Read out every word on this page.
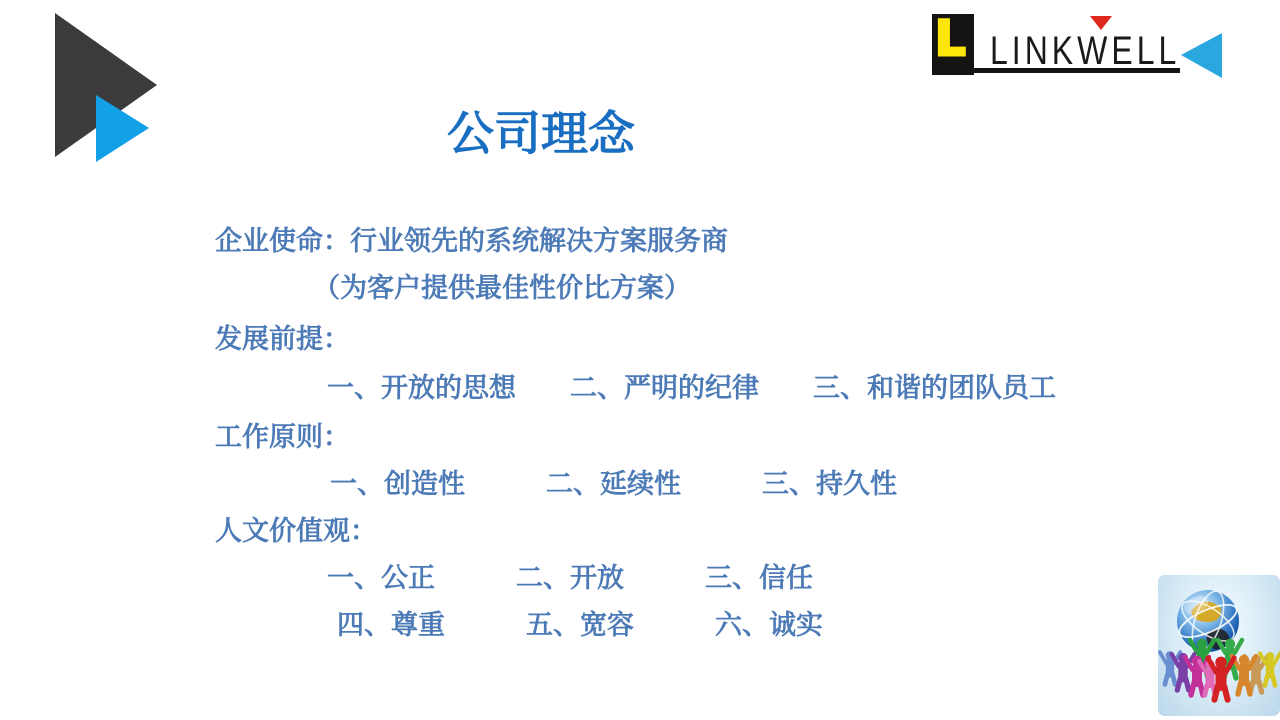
L LINKWELL
公司理念
企业使命：行业领先的系统解决方案服务商
（为客户提供最佳性价比方案）
发展前提：
一、开放的思想　　二、严明的纪律　　三、和谐的团队员工
工作原则：
一、创造性　　　二、延续性　　　三、持久性
人文价值观：
一、公正　　　二、开放　　　三、信任
四、尊重　　　五、宽容　　　六、诚实
